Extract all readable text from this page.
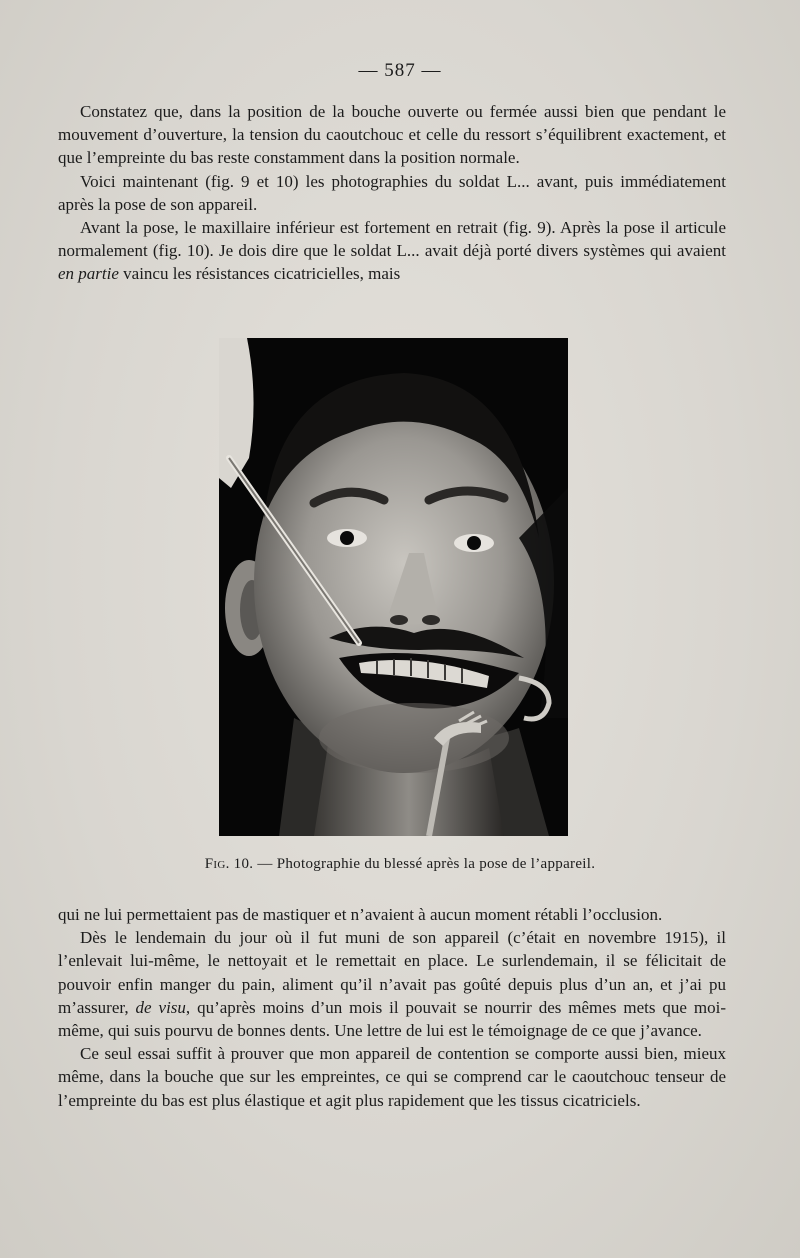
— 587 —

Constatez que, dans la position de la bouche ouverte ou fermée aussi bien que pendant le mouvement d’ouverture, la tension du caoutchouc et celle du ressort s’équilibrent exactement, et que l’empreinte du bas reste constamment dans la position normale.

Voici maintenant (fig. 9 et 10) les photographies du soldat L... avant, puis immédiatement après la pose de son appareil.

Avant la pose, le maxillaire inférieur est fortement en retrait (fig. 9). Après la pose il articule normalement (fig. 10). Je dois dire que le soldat L... avait déjà porté divers systèmes qui avaient en partie vaincu les résistances cicatricielles, mais

Fig. 10. — Photographie du blessé après la pose de l’appareil.

qui ne lui permettaient pas de mastiquer et n’avaient à aucun moment rétabli l’occlusion.

Dès le lendemain du jour où il fut muni de son appareil (c’était en novembre 1915), il l’enlevait lui-même, le nettoyait et le remettait en place. Le surlendemain, il se félicitait de pouvoir enfin manger du pain, aliment qu’il n’avait pas goûté depuis plus d’un an, et j’ai pu m’assurer, de visu, qu’après moins d’un mois il pouvait se nourrir des mêmes mets que moi-même, qui suis pourvu de bonnes dents. Une lettre de lui est le témoignage de ce que j’avance.

Ce seul essai suffit à prouver que mon appareil de contention se comporte aussi bien, mieux même, dans la bouche que sur les empreintes, ce qui se comprend car le caoutchouc tenseur de l’empreinte du bas est plus élastique et agit plus rapidement que les tissus cicatriciels.
